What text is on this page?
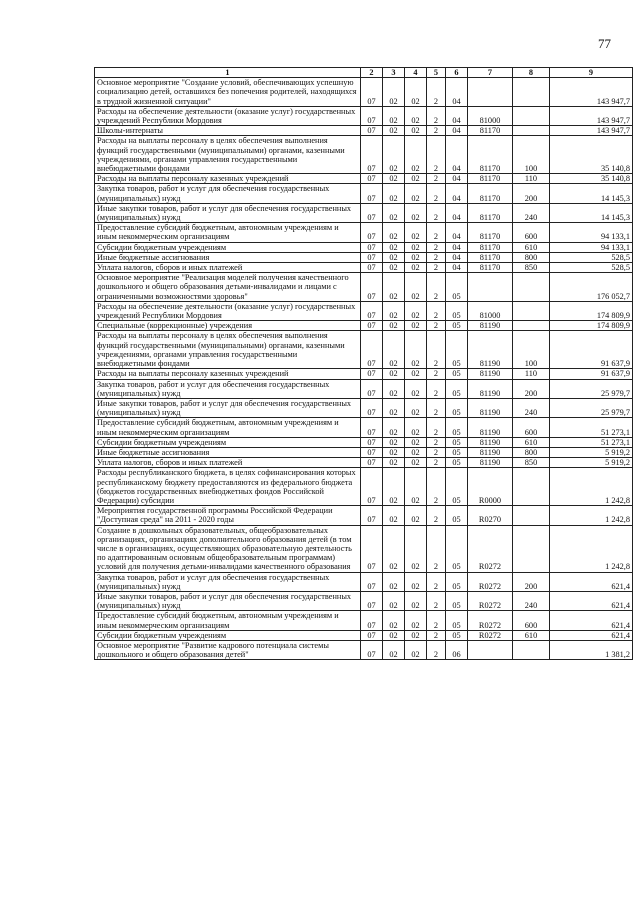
77
1	2	3	4	5	6	7	8	9
Основное мероприятие "Создание условий, обеспечивающих успешную социализацию детей, оставшихся без попечения родителей, находящихся в трудной жизненной ситуации"	07	02	02	2	04			143 947,7
Расходы на обеспечение деятельности (оказание услуг) государственных учреждений Республики Мордовия	07	02	02	2	04	81000		143 947,7
Школы-интернаты	07	02	02	2	04	81170		143 947,7
Расходы на выплаты персоналу в целях обеспечения выполнения функций государственными (муниципальными) органами, казенными учреждениями, органами управления государственными внебюджетными фондами	07	02	02	2	04	81170	100	35 140,8
Расходы на выплаты персоналу казенных учреждений	07	02	02	2	04	81170	110	35 140,8
Закупка товаров, работ и услуг для обеспечения государственных (муниципальных) нужд	07	02	02	2	04	81170	200	14 145,3
Иные закупки товаров, работ и услуг для обеспечения государственных (муниципальных) нужд	07	02	02	2	04	81170	240	14 145,3
Предоставление субсидий бюджетным, автономным учреждениям и иным некоммерческим организациям	07	02	02	2	04	81170	600	94 133,1
Субсидии бюджетным учреждениям	07	02	02	2	04	81170	610	94 133,1
Иные бюджетные ассигнования	07	02	02	2	04	81170	800	528,5
Уплата налогов, сборов и иных платежей	07	02	02	2	04	81170	850	528,5
Основное мероприятие "Реализация моделей получения качественного дошкольного и общего образования детьми-инвалидами и лицами с ограниченными возможностями здоровья"	07	02	02	2	05			176 052,7
Расходы на обеспечение деятельности (оказание услуг) государственных учреждений Республики Мордовия	07	02	02	2	05	81000		174 809,9
Специальные (коррекционные) учреждения	07	02	02	2	05	81190		174 809,9
Расходы на выплаты персоналу в целях обеспечения выполнения функций государственными (муниципальными) органами, казенными учреждениями, органами управления государственными внебюджетными фондами	07	02	02	2	05	81190	100	91 637,9
Расходы на выплаты персоналу казенных учреждений	07	02	02	2	05	81190	110	91 637,9
Закупка товаров, работ и услуг для обеспечения государственных (муниципальных) нужд	07	02	02	2	05	81190	200	25 979,7
Иные закупки товаров, работ и услуг для обеспечения государственных (муниципальных) нужд	07	02	02	2	05	81190	240	25 979,7
Предоставление субсидий бюджетным, автономным учреждениям и иным некоммерческим организациям	07	02	02	2	05	81190	600	51 273,1
Субсидии бюджетным учреждениям	07	02	02	2	05	81190	610	51 273,1
Иные бюджетные ассигнования	07	02	02	2	05	81190	800	5 919,2
Уплата налогов, сборов и иных платежей	07	02	02	2	05	81190	850	5 919,2
Расходы республиканского бюджета, в целях софинансирования которых республиканскому бюджету предоставляются из федерального бюджета (бюджетов государственных внебюджетных фондов Российской Федерации) субсидии	07	02	02	2	05	R0000		1 242,8
Мероприятия государственной программы Российской Федерации "Доступная среда" на 2011 - 2020 годы	07	02	02	2	05	R0270		1 242,8
Создание в дошкольных образовательных, общеобразовательных организациях, организациях дополнительного образования детей (в том числе в организациях, осуществляющих образовательную деятельность по адаптированным основным общеобразовательным программам) условий для получения детьми-инвалидами качественного образования	07	02	02	2	05	R0272		1 242,8
Закупка товаров, работ и услуг для обеспечения государственных (муниципальных) нужд	07	02	02	2	05	R0272	200	621,4
Иные закупки товаров, работ и услуг для обеспечения государственных (муниципальных) нужд	07	02	02	2	05	R0272	240	621,4
Предоставление субсидий бюджетным, автономным учреждениям и иным некоммерческим организациям	07	02	02	2	05	R0272	600	621,4
Субсидии бюджетным учреждениям	07	02	02	2	05	R0272	610	621,4
Основное мероприятие "Развитие кадрового потенциала системы дошкольного и общего образования детей"	07	02	02	2	06			1 381,2
